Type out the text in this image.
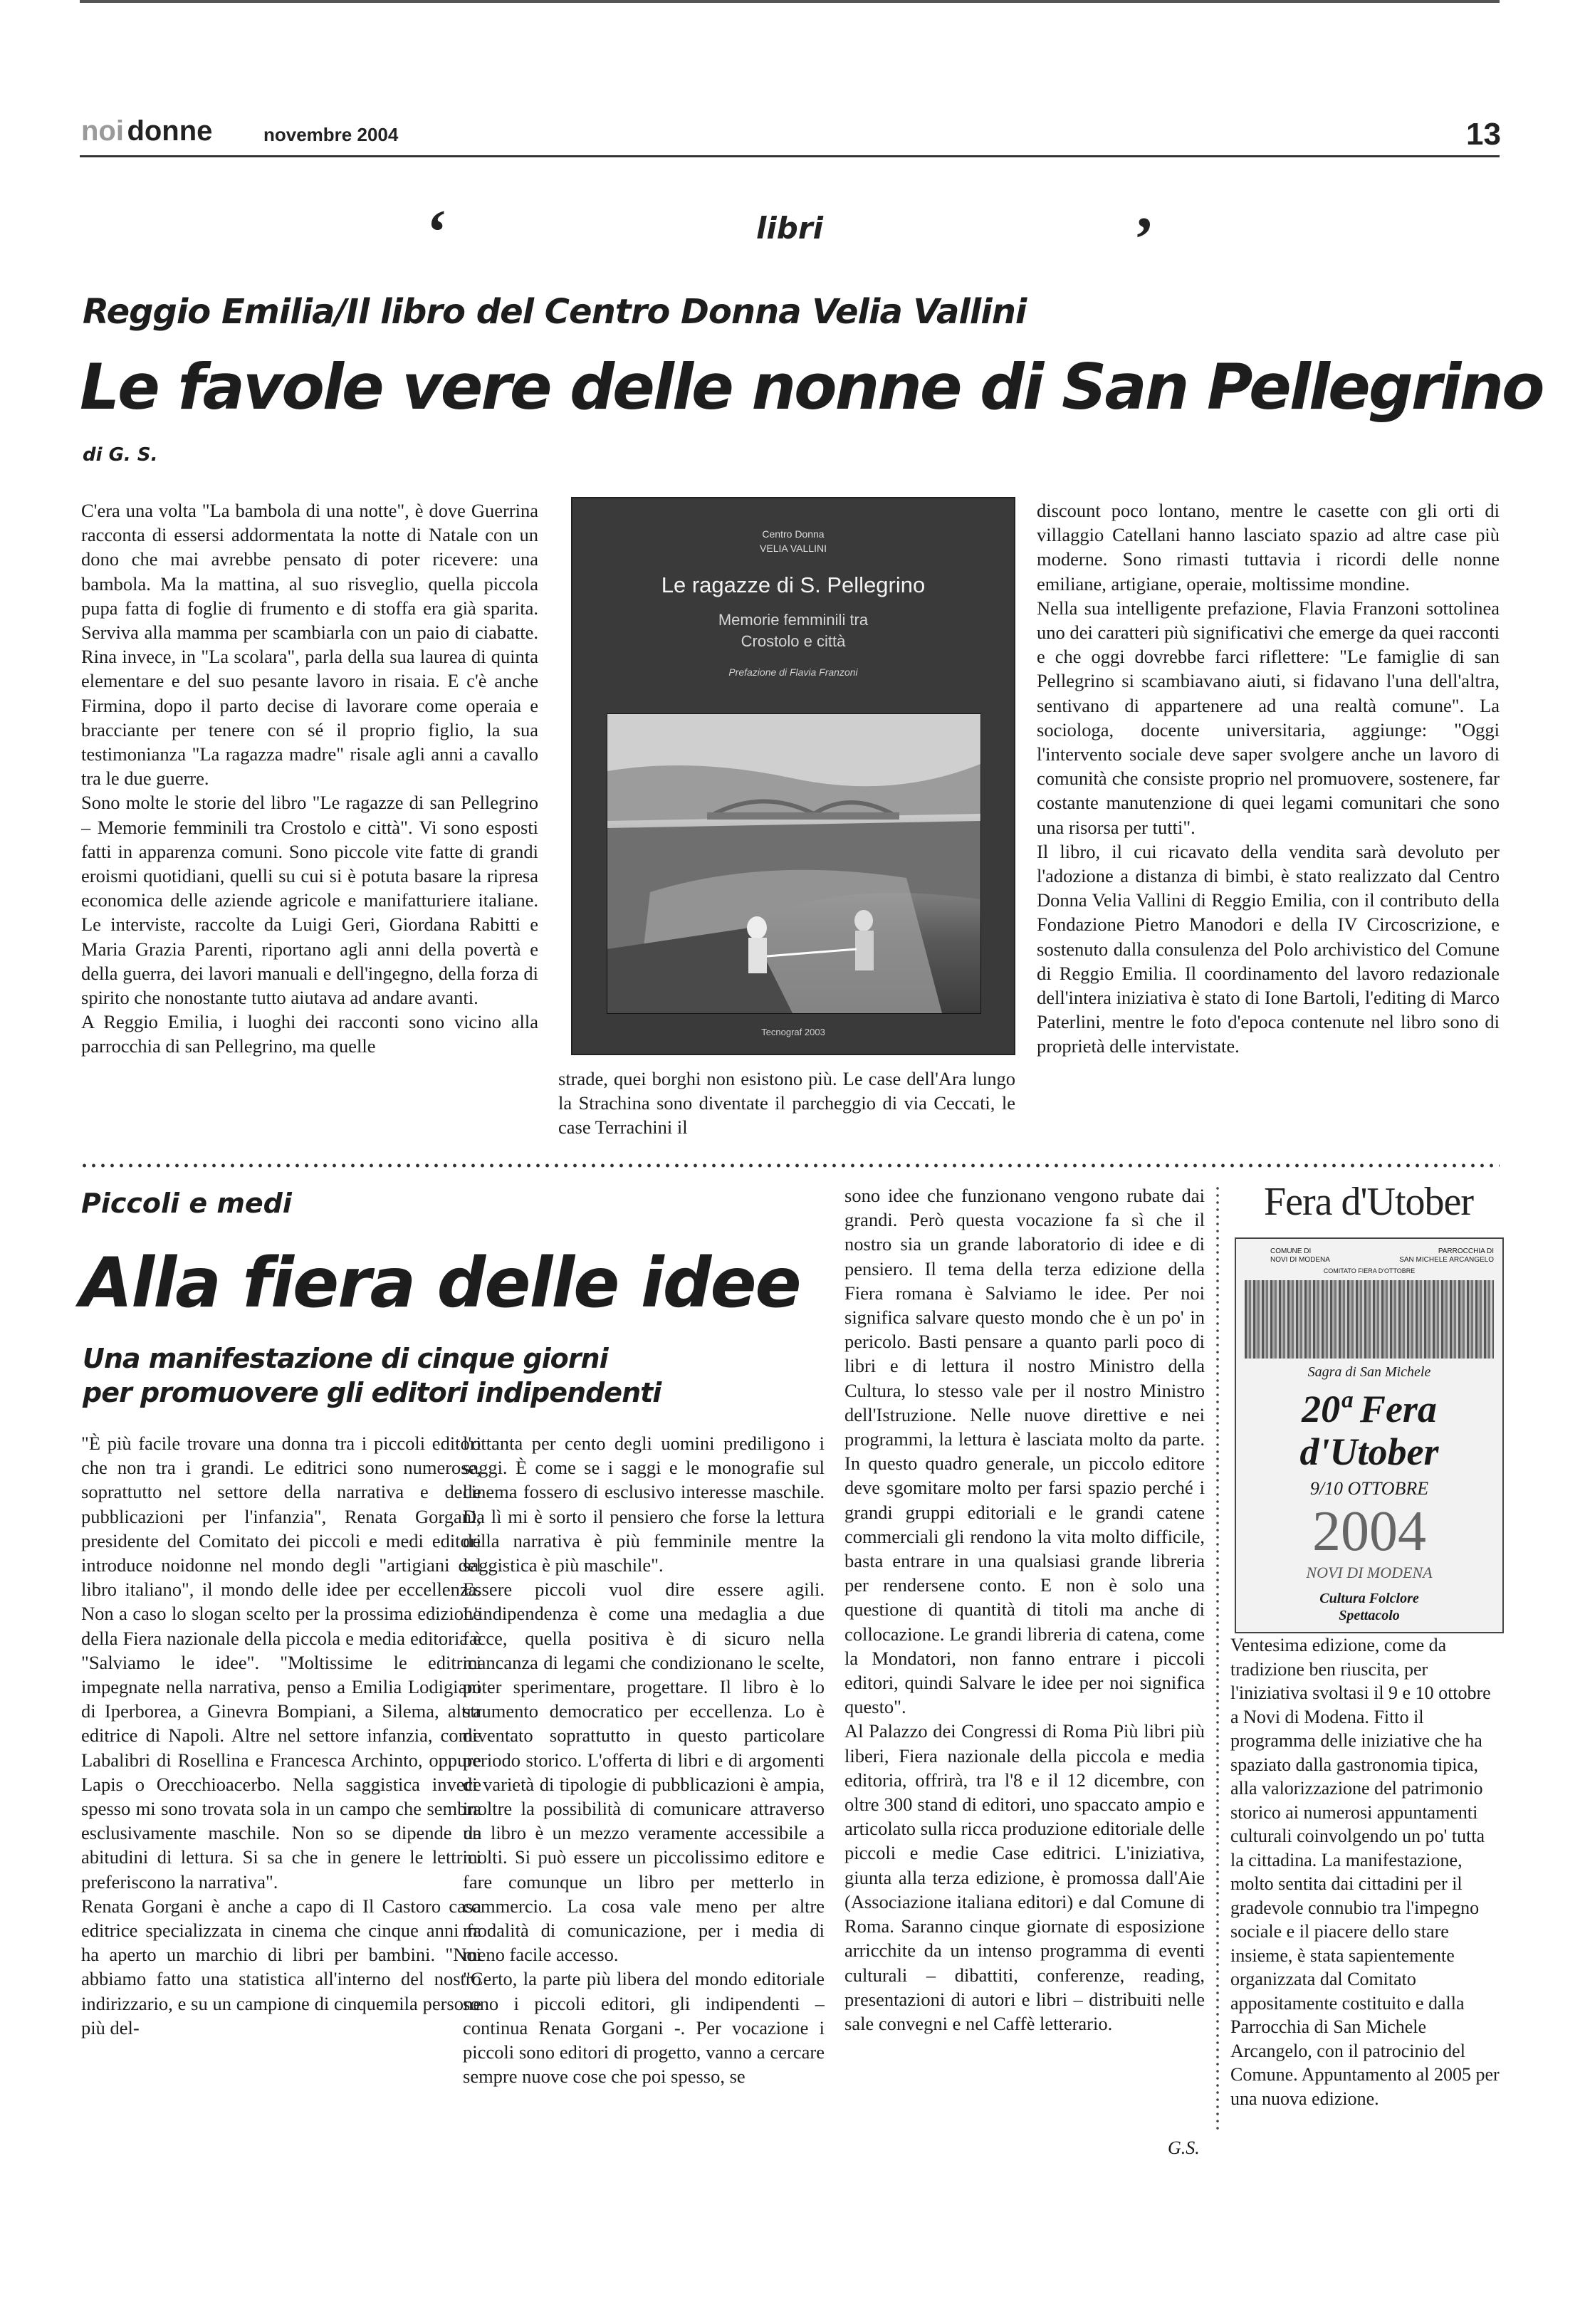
noi donne	novembre 2004	13
‘	libri	’
Reggio Emilia/Il libro del Centro Donna Velia Vallini
Le favole vere delle nonne di San Pellegrino
di G. S.
C'era una volta "La bambola di una notte", è dove Guerrina racconta di essersi addormentata la notte di Natale con un dono che mai avrebbe pensato di poter ricevere: una bambola. Ma la mattina, al suo risveglio, quella piccola pupa fatta di foglie di frumento e di stoffa era già sparita. Serviva alla mamma per scambiarla con un paio di ciabatte. Rina invece, in "La scolara", parla della sua laurea di quinta elementare e del suo pesante lavoro in risaia. E c'è anche Firmina, dopo il parto decise di lavorare come operaia e bracciante per tenere con sé il proprio figlio, la sua testimonianza "La ragazza madre" risale agli anni a cavallo tra le due guerre.
Sono molte le storie del libro "Le ragazze di san Pellegrino – Memorie femminili tra Crostolo e città". Vi sono esposti fatti in apparenza comuni. Sono piccole vite fatte di grandi eroismi quotidiani, quelli su cui si è potuta basare la ripresa economica delle aziende agricole e manifatturiere italiane. Le interviste, raccolte da Luigi Geri, Giordana Rabitti e Maria Grazia Parenti, riportano agli anni della povertà e della guerra, dei lavori manuali e dell'ingegno, della forza di spirito che nonostante tutto aiutava ad andare avanti.
A Reggio Emilia, i luoghi dei racconti sono vicino alla parrocchia di san Pellegrino, ma quelle
Centro Donna
VELIA VALLINI
Le ragazze di S. Pellegrino
Memorie femminili tra
Crostolo e città
Prefazione di Flavia Franzoni
Tecnograf 2003
strade, quei borghi non esistono più. Le case dell'Ara lungo la Strachina sono diventate il parcheggio di via Ceccati, le case Terrachini il
discount poco lontano, mentre le casette con gli orti di villaggio Catellani hanno lasciato spazio ad altre case più moderne. Sono rimasti tuttavia i ricordi delle nonne emiliane, artigiane, operaie, moltissime mondine.
Nella sua intelligente prefazione, Flavia Franzoni sottolinea uno dei caratteri più significativi che emerge da quei racconti e che oggi dovrebbe farci riflettere: "Le famiglie di san Pellegrino si scambiavano aiuti, si fidavano l'una dell'altra, sentivano di appartenere ad una realtà comune". La sociologa, docente universitaria, aggiunge: "Oggi l'intervento sociale deve saper svolgere anche un lavoro di comunità che consiste proprio nel promuovere, sostenere, far costante manutenzione di quei legami comunitari che sono una risorsa per tutti".
Il libro, il cui ricavato della vendita sarà devoluto per l'adozione a distanza di bimbi, è stato realizzato dal Centro Donna Velia Vallini di Reggio Emilia, con il contributo della Fondazione Pietro Manodori e della IV Circoscrizione, e sostenuto dalla consulenza del Polo archivistico del Comune di Reggio Emilia. Il coordinamento del lavoro redazionale dell'intera iniziativa è stato di Ione Bartoli, l'editing di Marco Paterlini, mentre le foto d'epoca contenute nel libro sono di proprietà delle intervistate.
Piccoli e medi
Alla fiera delle idee
Una manifestazione di cinque giorni
per promuovere gli editori indipendenti
"È più facile trovare una donna tra i piccoli editori che non tra i grandi. Le editrici sono numerose, soprattutto nel settore della narrativa e delle pubblicazioni per l'infanzia", Renata Gorgani, presidente del Comitato dei piccoli e medi editori introduce noidonne nel mondo degli "artigiani del libro italiano", il mondo delle idee per eccellenza. Non a caso lo slogan scelto per la prossima edizione della Fiera nazionale della piccola e media editoria è "Salviamo le idee". "Moltissime le editrici impegnate nella narrativa, penso a Emilia Lodigiani di Iperborea, a Ginevra Bompiani, a Silema, altra editrice di Napoli. Altre nel settore infanzia, come Labalibri di Rosellina e Francesca Archinto, oppure Lapis o Orecchioacerbo. Nella saggistica invece spesso mi sono trovata sola in un campo che sembra esclusivamente maschile. Non so se dipende da abitudini di lettura. Si sa che in genere le lettrici preferiscono la narrativa".
Renata Gorgani è anche a capo di Il Castoro casa editrice specializzata in cinema che cinque anni fa ha aperto un marchio di libri per bambini. "Noi abbiamo fatto una statistica all'interno del nostro indirizzario, e su un campione di cinquemila persone più del-
l'ottanta per cento degli uomini prediligono i saggi. È come se i saggi e le monografie sul cinema fossero di esclusivo interesse maschile. Da lì mi è sorto il pensiero che forse la lettura della narrativa è più femminile mentre la saggistica è più maschile".
Essere piccoli vuol dire essere agili. L'indipendenza è come una medaglia a due facce, quella positiva è di sicuro nella mancanza di legami che condizionano le scelte, poter sperimentare, progettare. Il libro è lo strumento democratico per eccellenza. Lo è diventato soprattutto in questo particolare periodo storico. L'offerta di libri e di argomenti di varietà di tipologie di pubblicazioni è ampia, inoltre la possibilità di comunicare attraverso un libro è un mezzo veramente accessibile a molti. Si può essere un piccolissimo editore e fare comunque un libro per metterlo in commercio. La cosa vale meno per altre modalità di comunicazione, per i media di meno facile accesso.
"Certo, la parte più libera del mondo editoriale sono i piccoli editori, gli indipendenti – continua Renata Gorgani -. Per vocazione i piccoli sono editori di progetto, vanno a cercare sempre nuove cose che poi spesso, se
sono idee che funzionano vengono rubate dai grandi. Però questa vocazione fa sì che il nostro sia un grande laboratorio di idee e di pensiero. Il tema della terza edizione della Fiera romana è Salviamo le idee. Per noi significa salvare questo mondo che è un po' in pericolo. Basti pensare a quanto parli poco di libri e di lettura il nostro Ministro della Cultura, lo stesso vale per il nostro Ministro dell'Istruzione. Nelle nuove direttive e nei programmi, la lettura è lasciata molto da parte. In questo quadro generale, un piccolo editore deve sgomitare molto per farsi spazio perché i grandi gruppi editoriali e le grandi catene commerciali gli rendono la vita molto difficile, basta entrare in una qualsiasi grande libreria per rendersene conto. E non è solo una questione di quantità di titoli ma anche di collocazione. Le grandi libreria di catena, come la Mondatori, non fanno entrare i piccoli editori, quindi Salvare le idee per noi significa questo".
Al Palazzo dei Congressi di Roma Più libri più liberi, Fiera nazionale della piccola e media editoria, offrirà, tra l'8 e il 12 dicembre, con oltre 300 stand di editori, uno spaccato ampio e articolato sulla ricca produzione editoriale delle piccoli e medie Case editrici. L'iniziativa, giunta alla terza edizione, è promossa dall'Aie (Associazione italiana editori) e dal Comune di Roma. Saranno cinque giornate di esposizione arricchite da un intenso programma di eventi culturali – dibattiti, conferenze, reading, presentazioni di autori e libri – distribuiti nelle sale convegni e nel Caffè letterario.
G.S.
Fera d'Utober
COMUNE DI
NOVI DI MODENA
PARROCCHIA DI
SAN MICHELE ARCANGELO
COMITATO FIERA D'OTTOBRE
Sagra di San Michele
20ª Fera
d'Utober
9/10 OTTOBRE
2004
NOVI DI MODENA
Cultura Folclore
Spettacolo
Ventesima edizione, come da tradizione ben riuscita, per l'iniziativa svoltasi il 9 e 10 ottobre a Novi di Modena. Fitto il programma delle iniziative che ha spaziato dalla gastronomia tipica, alla valorizzazione del patrimonio storico ai numerosi appuntamenti culturali coinvolgendo un po' tutta la cittadina. La manifestazione, molto sentita dai cittadini per il gradevole connubio tra l'impegno sociale e il piacere dello stare insieme, è stata sapientemente organizzata dal Comitato appositamente costituito e dalla Parrocchia di San Michele Arcangelo, con il patrocinio del Comune. Appuntamento al 2005 per una nuova edizione.
